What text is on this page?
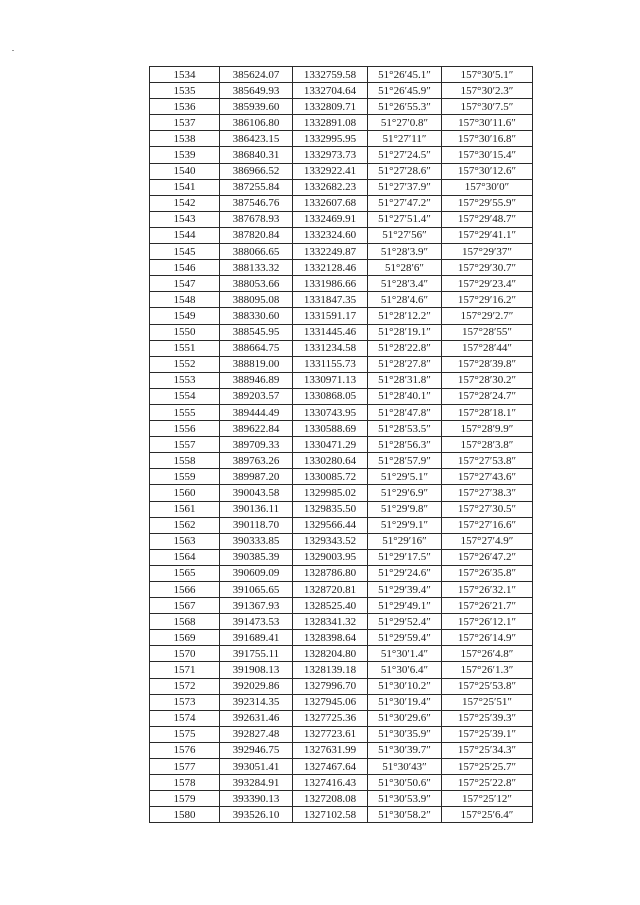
1534	385624.07	1332759.58	51°26′45.1″	157°30′5.1″
1535	385649.93	1332704.64	51°26′45.9″	157°30′2.3″
1536	385939.60	1332809.71	51°26′55.3″	157°30′7.5″
1537	386106.80	1332891.08	51°27′0.8″	157°30′11.6″
1538	386423.15	1332995.95	51°27′11″	157°30′16.8″
1539	386840.31	1332973.73	51°27′24.5″	157°30′15.4″
1540	386966.52	1332922.41	51°27′28.6″	157°30′12.6″
1541	387255.84	1332682.23	51°27′37.9″	157°30′0″
1542	387546.76	1332607.68	51°27′47.2″	157°29′55.9″
1543	387678.93	1332469.91	51°27′51.4″	157°29′48.7″
1544	387820.84	1332324.60	51°27′56″	157°29′41.1″
1545	388066.65	1332249.87	51°28′3.9″	157°29′37″
1546	388133.32	1332128.46	51°28′6″	157°29′30.7″
1547	388053.66	1331986.66	51°28′3.4″	157°29′23.4″
1548	388095.08	1331847.35	51°28′4.6″	157°29′16.2″
1549	388330.60	1331591.17	51°28′12.2″	157°29′2.7″
1550	388545.95	1331445.46	51°28′19.1″	157°28′55″
1551	388664.75	1331234.58	51°28′22.8″	157°28′44″
1552	388819.00	1331155.73	51°28′27.8″	157°28′39.8″
1553	388946.89	1330971.13	51°28′31.8″	157°28′30.2″
1554	389203.57	1330868.05	51°28′40.1″	157°28′24.7″
1555	389444.49	1330743.95	51°28′47.8″	157°28′18.1″
1556	389622.84	1330588.69	51°28′53.5″	157°28′9.9″
1557	389709.33	1330471.29	51°28′56.3″	157°28′3.8″
1558	389763.26	1330280.64	51°28′57.9″	157°27′53.8″
1559	389987.20	1330085.72	51°29′5.1″	157°27′43.6″
1560	390043.58	1329985.02	51°29′6.9″	157°27′38.3″
1561	390136.11	1329835.50	51°29′9.8″	157°27′30.5″
1562	390118.70	1329566.44	51°29′9.1″	157°27′16.6″
1563	390333.85	1329343.52	51°29′16″	157°27′4.9″
1564	390385.39	1329003.95	51°29′17.5″	157°26′47.2″
1565	390609.09	1328786.80	51°29′24.6″	157°26′35.8″
1566	391065.65	1328720.81	51°29′39.4″	157°26′32.1″
1567	391367.93	1328525.40	51°29′49.1″	157°26′21.7″
1568	391473.53	1328341.32	51°29′52.4″	157°26′12.1″
1569	391689.41	1328398.64	51°29′59.4″	157°26′14.9″
1570	391755.11	1328204.80	51°30′1.4″	157°26′4.8″
1571	391908.13	1328139.18	51°30′6.4″	157°26′1.3″
1572	392029.86	1327996.70	51°30′10.2″	157°25′53.8″
1573	392314.35	1327945.06	51°30′19.4″	157°25′51″
1574	392631.46	1327725.36	51°30′29.6″	157°25′39.3″
1575	392827.48	1327723.61	51°30′35.9″	157°25′39.1″
1576	392946.75	1327631.99	51°30′39.7″	157°25′34.3″
1577	393051.41	1327467.64	51°30′43″	157°25′25.7″
1578	393284.91	1327416.43	51°30′50.6″	157°25′22.8″
1579	393390.13	1327208.08	51°30′53.9″	157°25′12″
1580	393526.10	1327102.58	51°30′58.2″	157°25′6.4″
